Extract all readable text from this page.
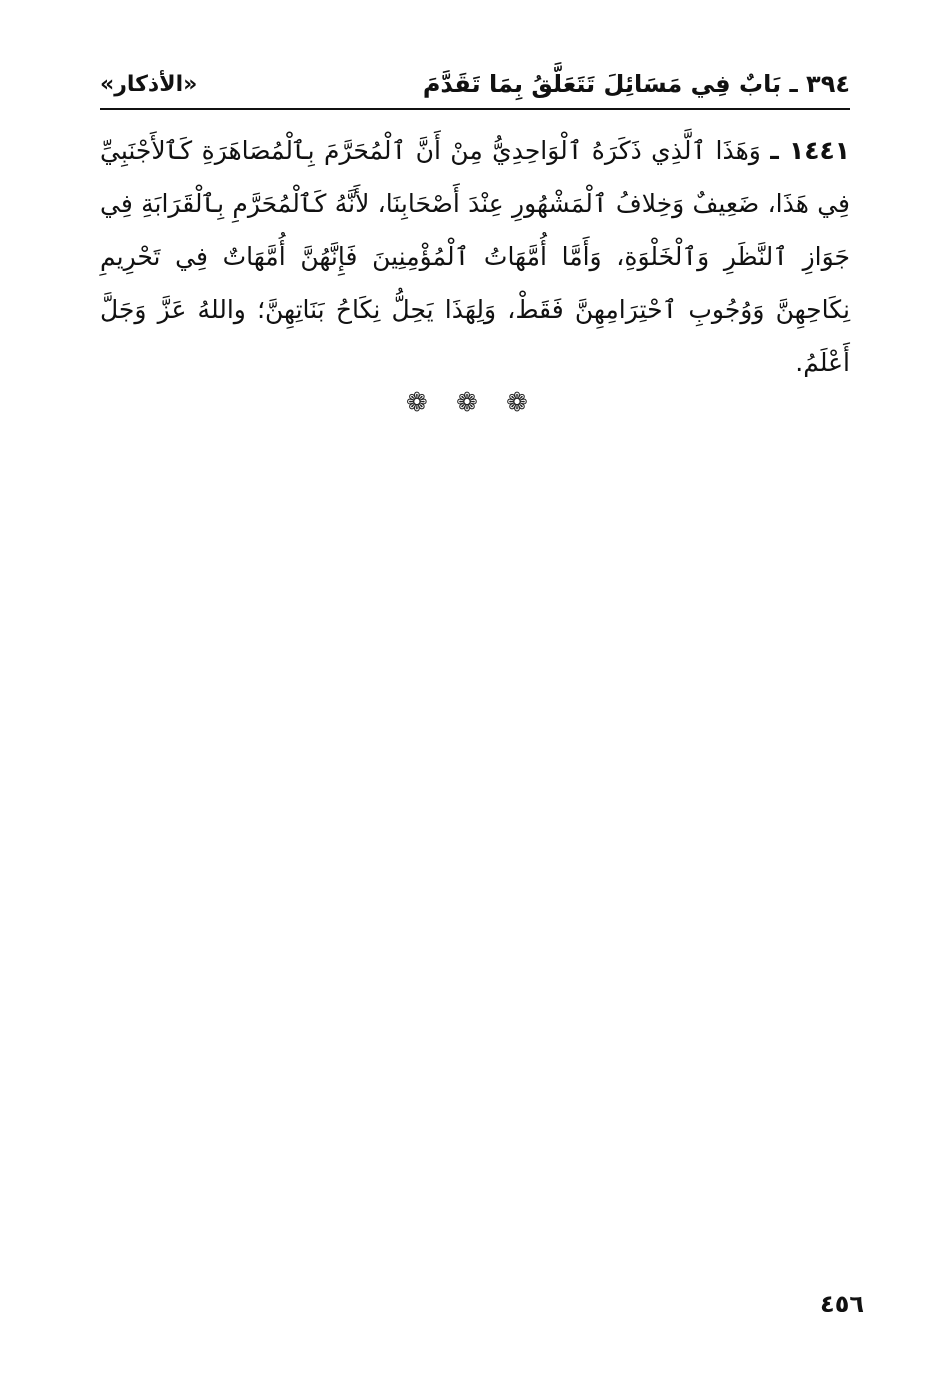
٣٩٤ ـ بَابٌ فِي مَسَائِلَ تَتَعَلَّقُ بِمَا تَقَدَّمَ
«الأذكار»
١٤٤١ ـ وَهَذَا ٱلَّذِي ذَكَرَهُ ٱلْوَاحِدِيُّ مِنْ أَنَّ ٱلْمُحَرَّمَ بِٱلْمُصَاهَرَةِ كَٱلأَجْنَبِيِّ فِي هَذَا، ضَعِيفٌ وَخِلافُ ٱلْمَشْهُورِ عِنْدَ أَصْحَابِنَا، لأَنَّهُ كَٱلْمُحَرَّمِ بِٱلْقَرَابَةِ فِي جَوَازِ ٱلنَّظَرِ وَٱلْخَلْوَةِ، وَأَمَّا أُمَّهَاتُ ٱلْمُؤْمِنِينَ فَإِنَّهُنَّ أُمَّهَاتٌ فِي تَحْرِيمِ نِكَاحِهِنَّ وَوُجُوبِ ٱحْتِرَامِهِنَّ فَقَطْ، وَلِهَذَا يَحِلُّ نِكَاحُ بَنَاتِهِنَّ؛ واللهُ عَزَّ وَجَلَّ أَعْلَمُ.
❁ ❁ ❁
٤٥٦
